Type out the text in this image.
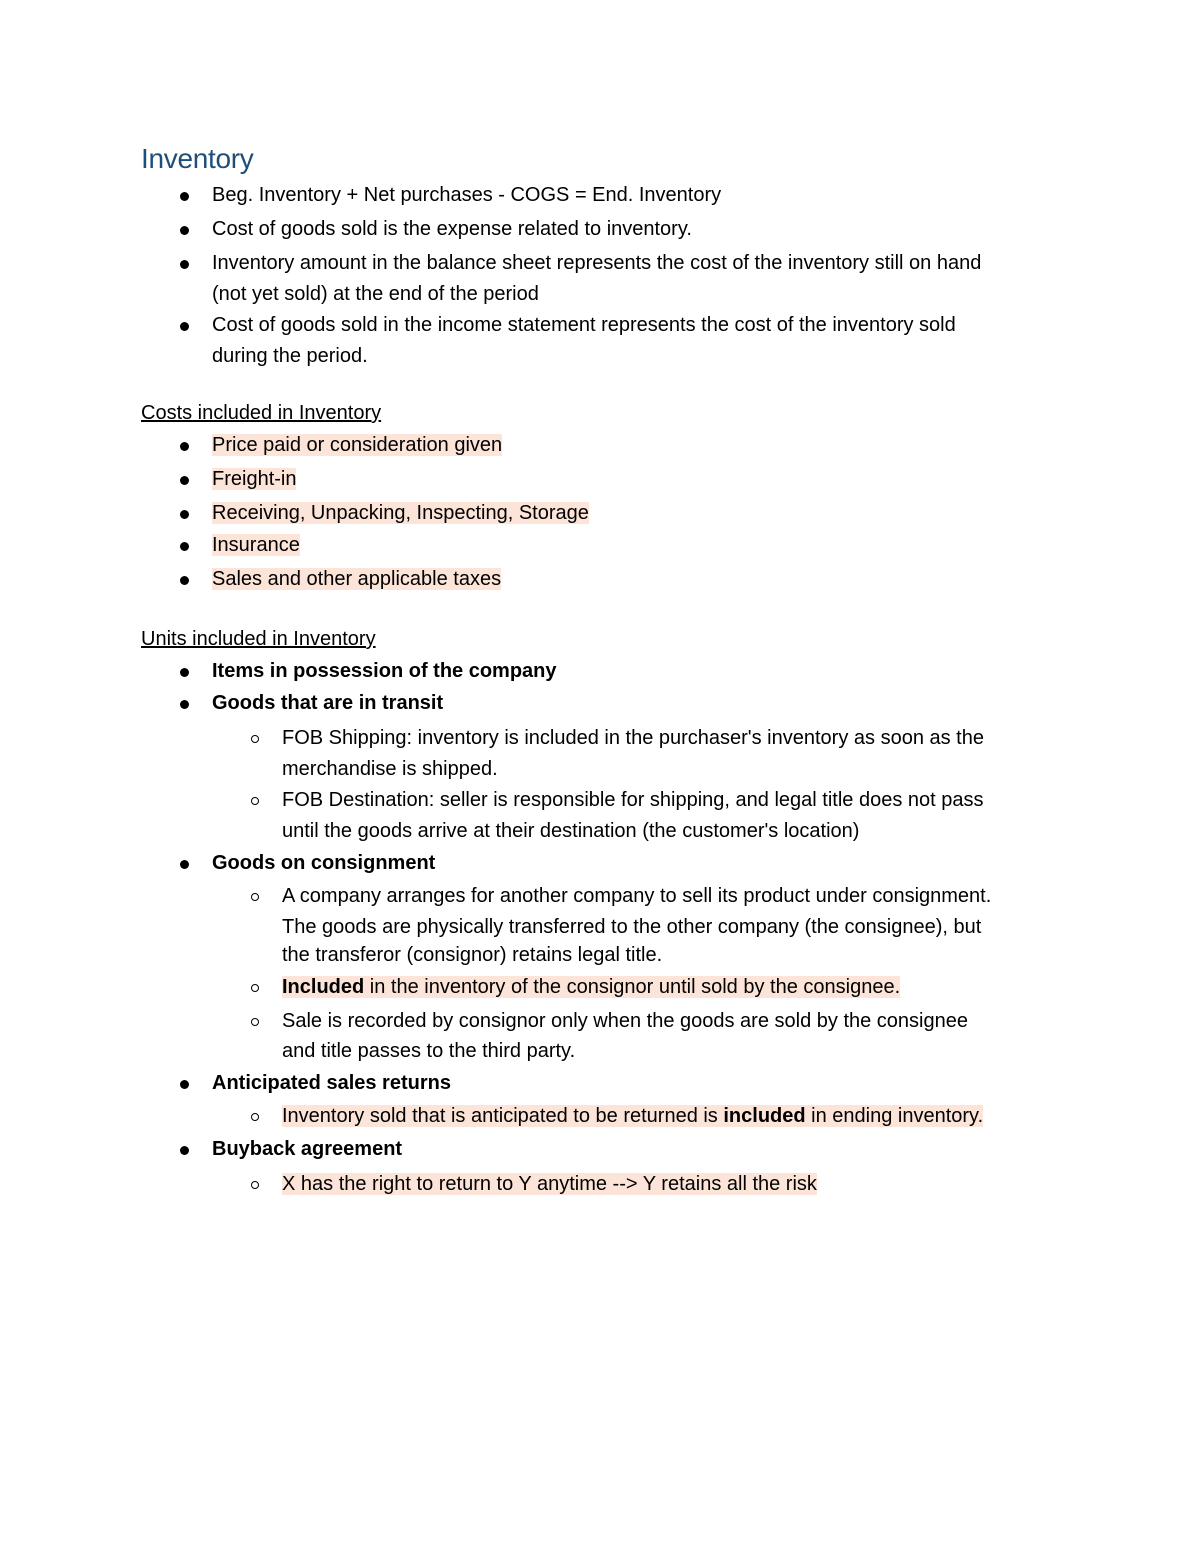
Inventory
Beg. Inventory + Net purchases - COGS = End. Inventory
Cost of goods sold is the expense related to inventory.
Inventory amount in the balance sheet represents the cost of the inventory still on hand
(not yet sold) at the end of the period
Cost of goods sold in the income statement represents the cost of the inventory sold
during the period.
Costs included in Inventory
Price paid or consideration given
Freight-in
Receiving, Unpacking, Inspecting, Storage
Insurance
Sales and other applicable taxes
Units included in Inventory
Items in possession of the company
Goods that are in transit
FOB Shipping: inventory is included in the purchaser's inventory as soon as the
merchandise is shipped.
FOB Destination: seller is responsible for shipping, and legal title does not pass
until the goods arrive at their destination (the customer's location)
Goods on consignment
A company arranges for another company to sell its product under consignment.
The goods are physically transferred to the other company (the consignee), but
the transferor (consignor) retains legal title.
Included in the inventory of the consignor until sold by the consignee.
Sale is recorded by consignor only when the goods are sold by the consignee
and title passes to the third party.
Anticipated sales returns
Inventory sold that is anticipated to be returned is included in ending inventory.
Buyback agreement
X has the right to return to Y anytime --> Y retains all the risk
